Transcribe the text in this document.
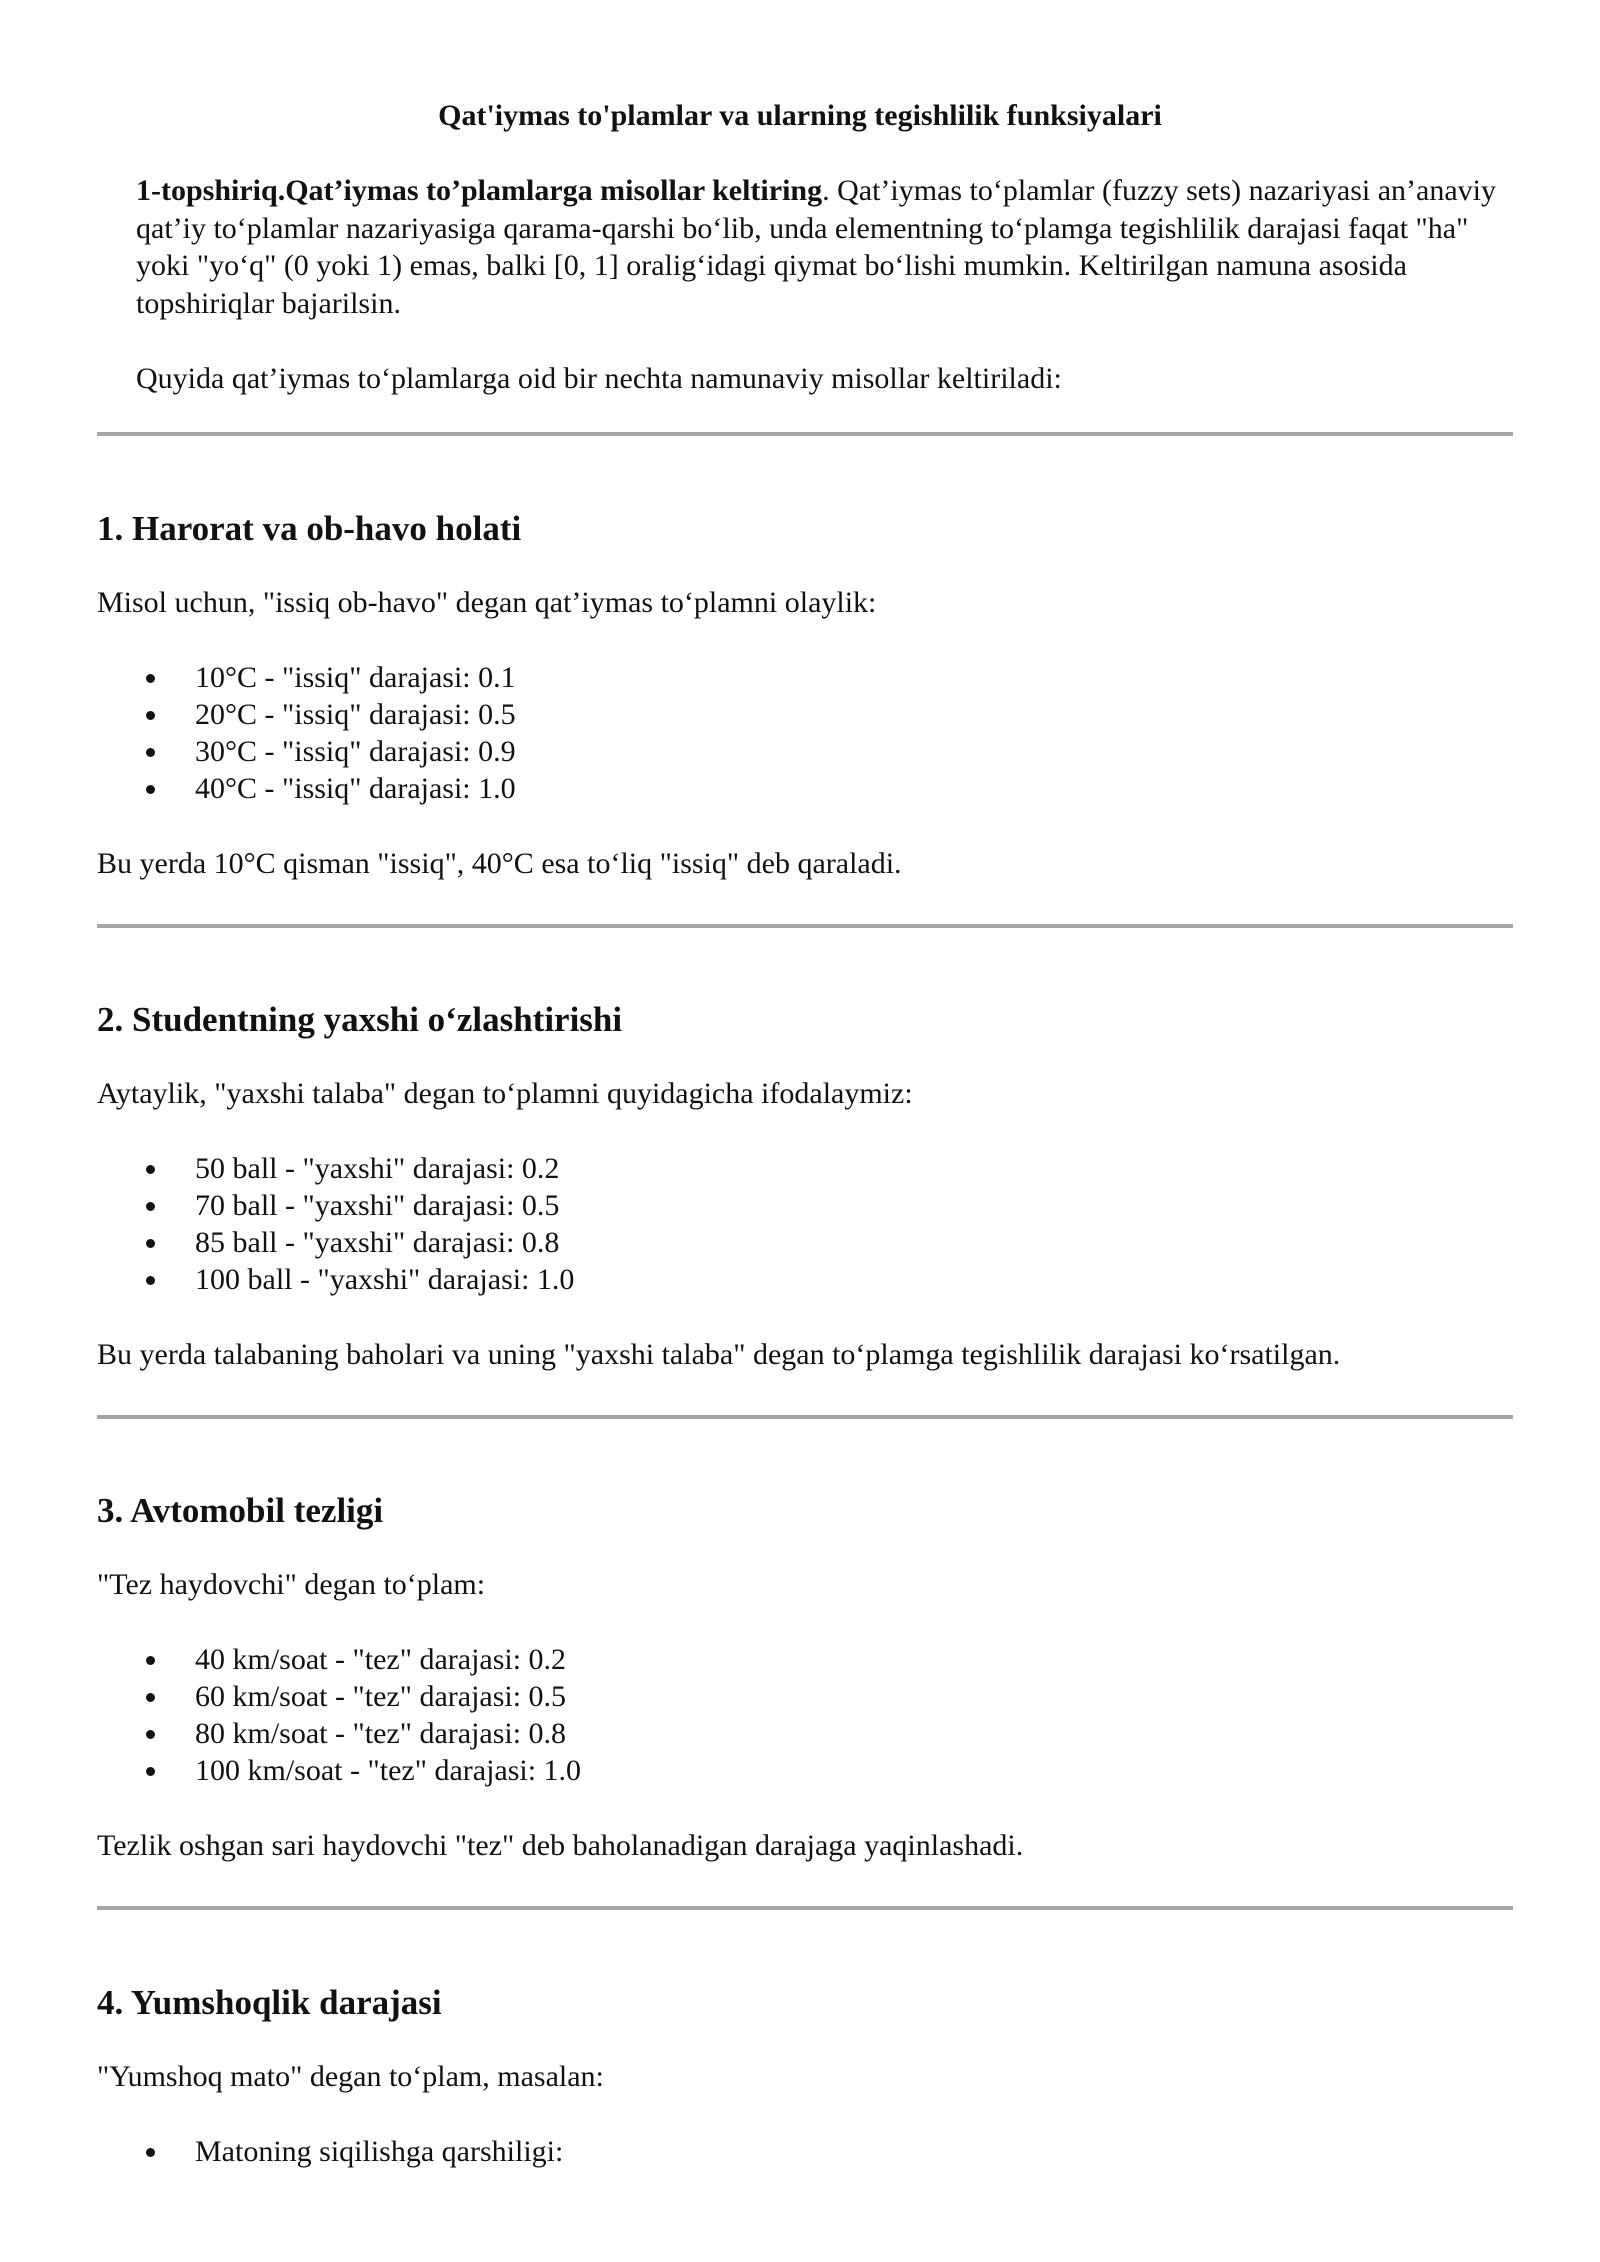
Qat'iymas to'plamlar va ularning tegishlilik funksiyalari

1-topshiriq.Qat’iymas to’plamlarga misollar keltiring. Qat’iymas to‘plamlar (fuzzy sets) nazariyasi an’anaviy qat’iy to‘plamlar nazariyasiga qarama-qarshi bo‘lib, unda elementning to‘plamga tegishlilik darajasi faqat "ha" yoki "yo‘q" (0 yoki 1) emas, balki [0, 1] oralig‘idagi qiymat bo‘lishi mumkin. Keltirilgan namuna asosida topshiriqlar bajarilsin.

Quyida qat’iymas to‘plamlarga oid bir nechta namunaviy misollar keltiriladi:

1. Harorat va ob-havo holati

Misol uchun, "issiq ob-havo" degan qat’iymas to‘plamni olaylik:

10°C - "issiq" darajasi: 0.1
20°C - "issiq" darajasi: 0.5
30°C - "issiq" darajasi: 0.9
40°C - "issiq" darajasi: 1.0

Bu yerda 10°C qisman "issiq", 40°C esa to‘liq "issiq" deb qaraladi.

2. Studentning yaxshi o‘zlashtirishi

Aytaylik, "yaxshi talaba" degan to‘plamni quyidagicha ifodalaymiz:

50 ball - "yaxshi" darajasi: 0.2
70 ball - "yaxshi" darajasi: 0.5
85 ball - "yaxshi" darajasi: 0.8
100 ball - "yaxshi" darajasi: 1.0

Bu yerda talabaning baholari va uning "yaxshi talaba" degan to‘plamga tegishlilik darajasi ko‘rsatilgan.

3. Avtomobil tezligi

"Tez haydovchi" degan to‘plam:

40 km/soat - "tez" darajasi: 0.2
60 km/soat - "tez" darajasi: 0.5
80 km/soat - "tez" darajasi: 0.8
100 km/soat - "tez" darajasi: 1.0

Tezlik oshgan sari haydovchi "tez" deb baholanadigan darajaga yaqinlashadi.

4. Yumshoqlik darajasi

"Yumshoq mato" degan to‘plam, masalan:

Matoning siqilishga qarshiligi:
